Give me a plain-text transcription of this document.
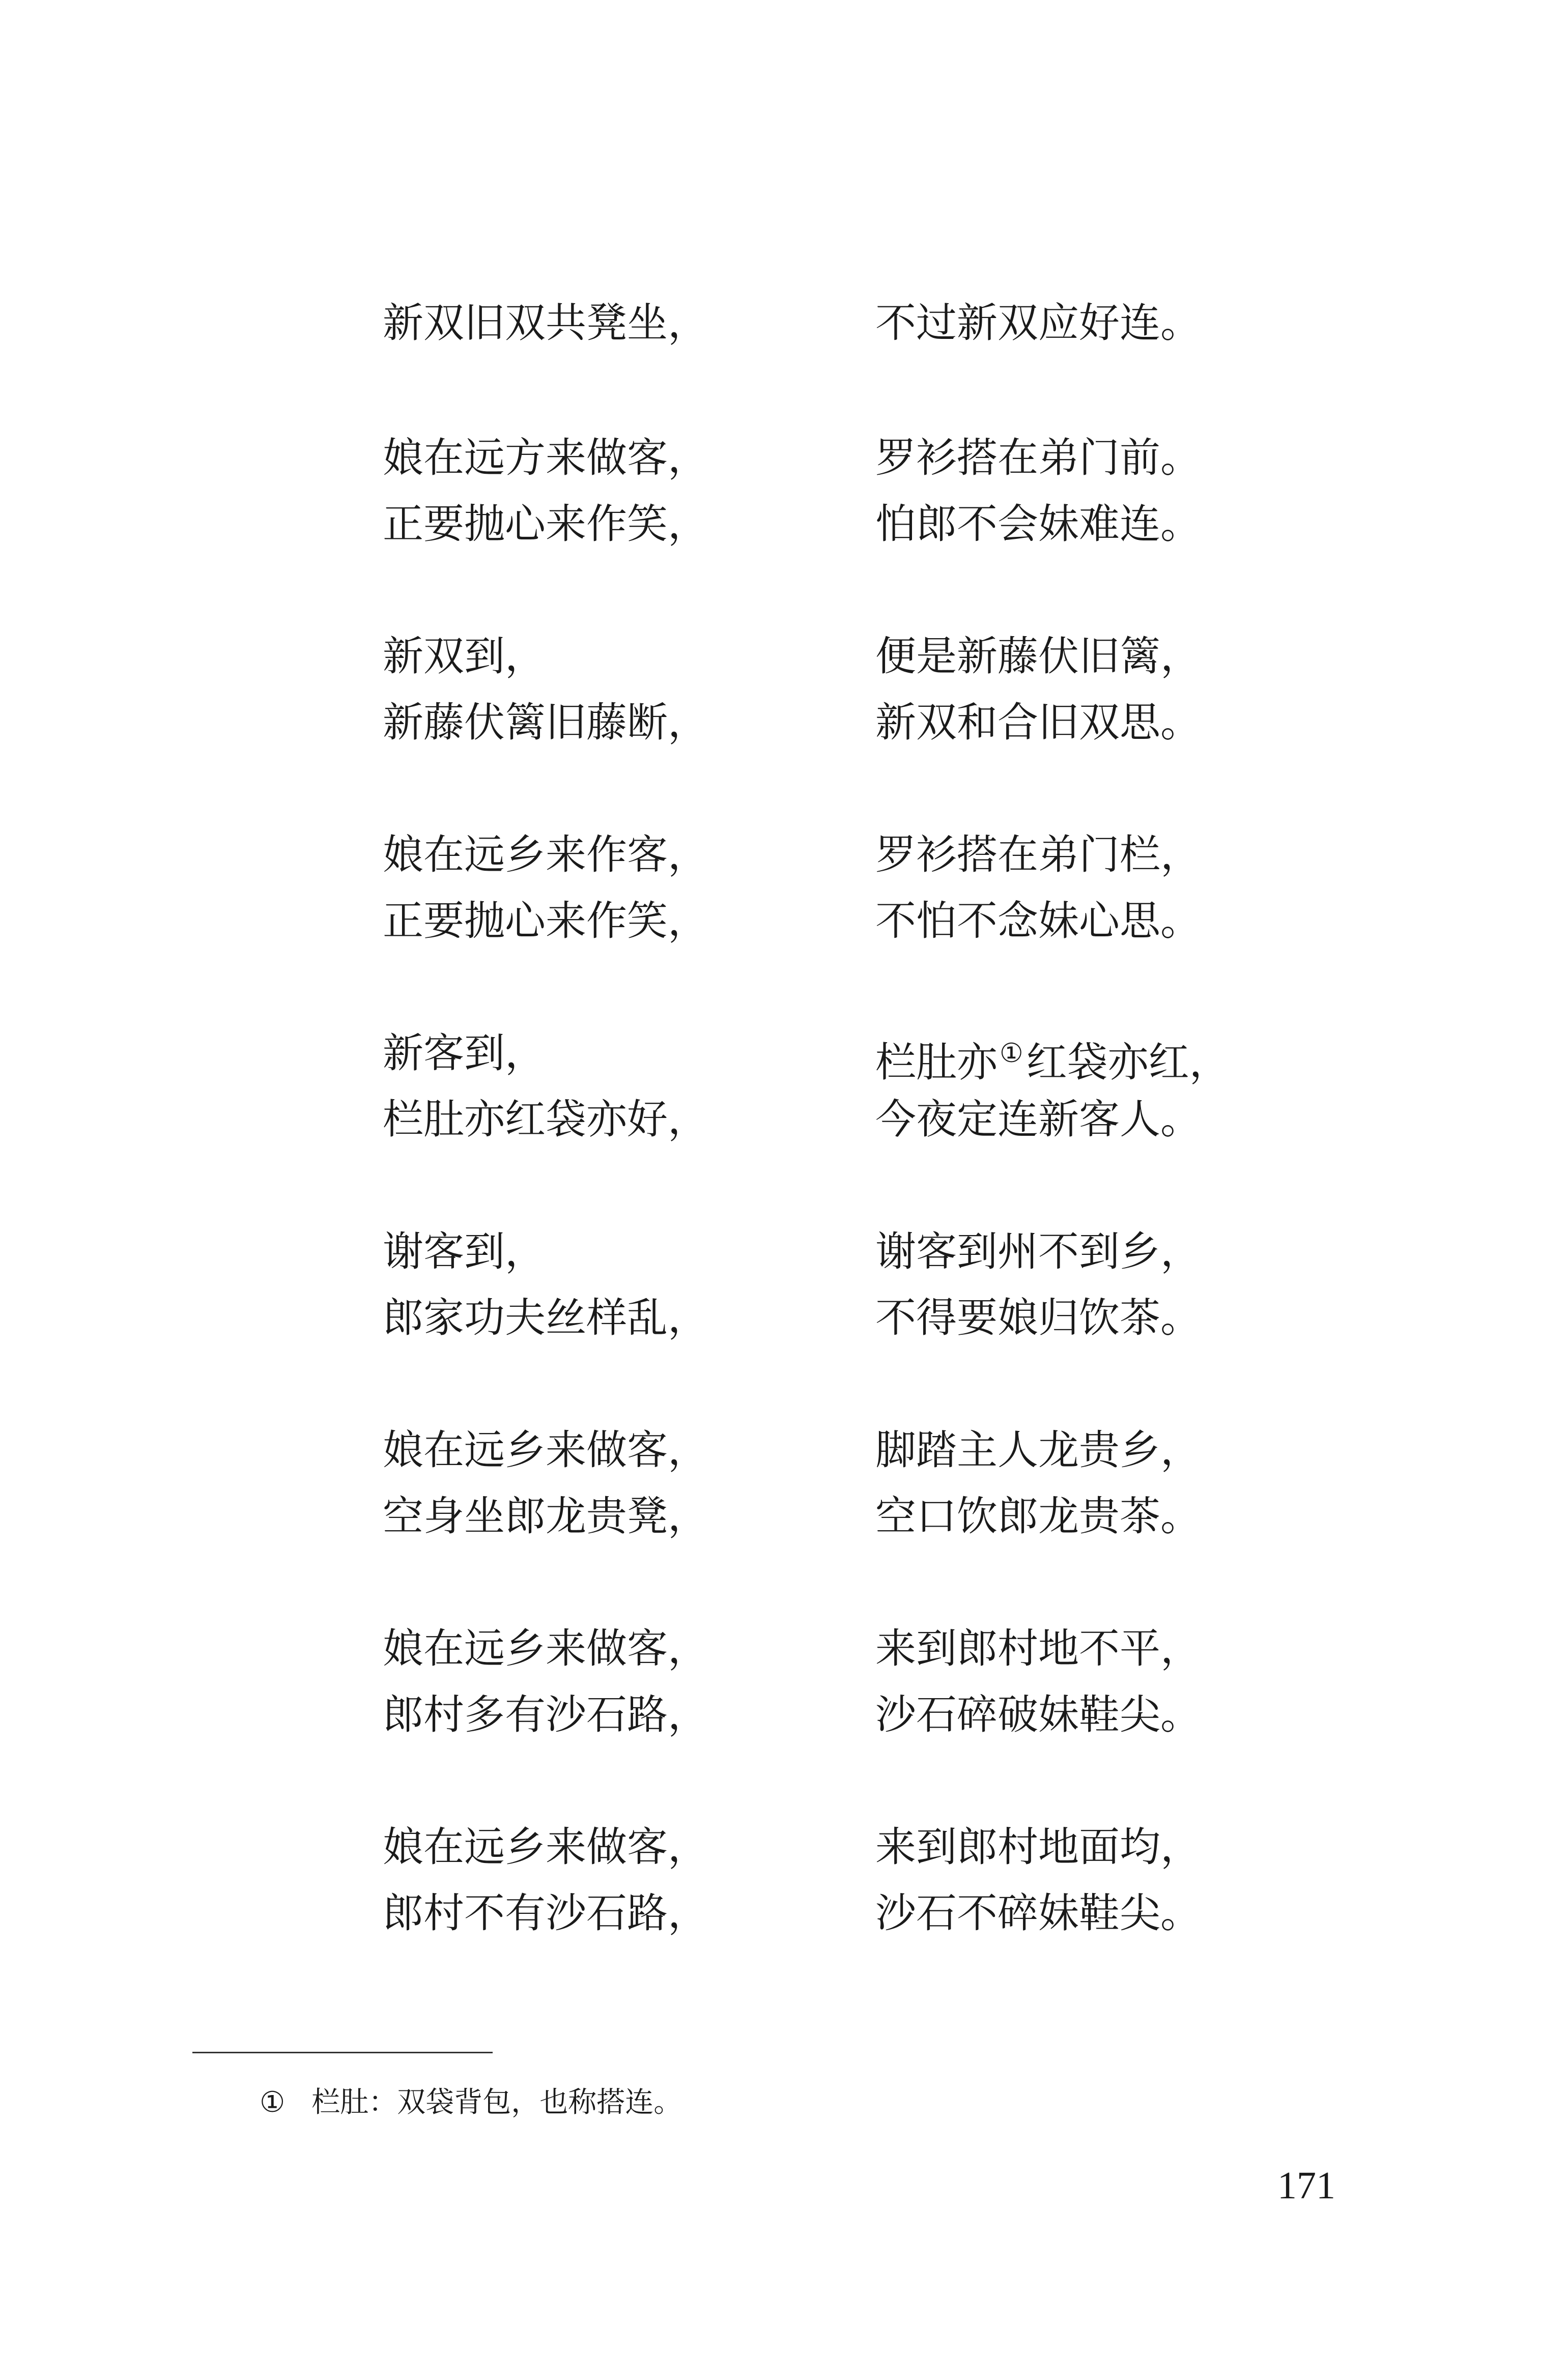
新双旧双共凳坐，	不过新双应好连。
娘在远方来做客，	罗衫搭在弟门前。
正要抛心来作笑，	怕郎不会妹难连。
新双到，	便是新藤伏旧篱，
新藤伏篱旧藤断，	新双和合旧双思。
娘在远乡来作客，	罗衫搭在弟门栏，
正要抛心来作笑，	不怕不念妹心思。
新客到，	栏肚亦①红袋亦红，
栏肚亦红袋亦好，	今夜定连新客人。
谢客到，	谢客到州不到乡，
郎家功夫丝样乱，	不得要娘归饮茶。
娘在远乡来做客，	脚踏主人龙贵乡，
空身坐郎龙贵凳，	空口饮郎龙贵茶。
娘在远乡来做客，	来到郎村地不平，
郎村多有沙石路，	沙石碎破妹鞋尖。
娘在远乡来做客，	来到郎村地面均，
郎村不有沙石路，	沙石不碎妹鞋尖。
① 栏肚：双袋背包，也称搭连。
171
